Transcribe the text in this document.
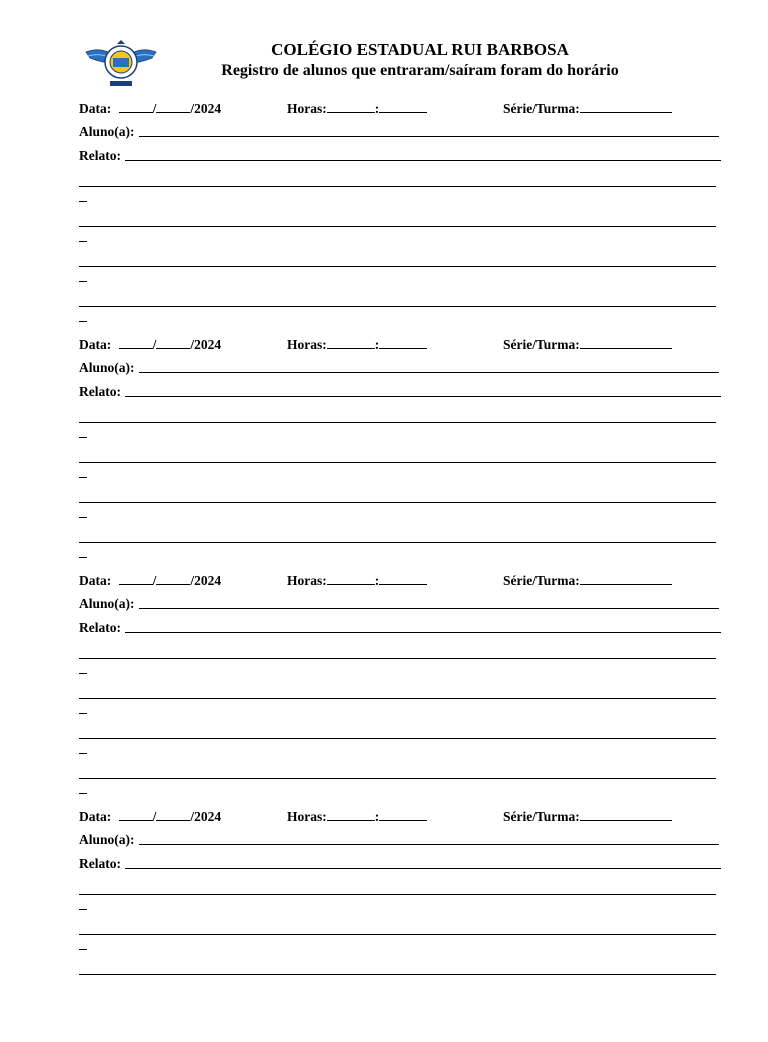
COLÉGIO ESTADUAL RUI BARBOSA
Registro de alunos que entraram/saíram foram do horário
Data:	/	/2024	Horas:	:	Série/Turma:
Aluno(a):
Relato:
Data:	/	/2024	Horas:	:	Série/Turma:
Aluno(a):
Relato:
Data:	/	/2024	Horas:	:	Série/Turma:
Aluno(a):
Relato:
Data:	/	/2024	Horas:	:	Série/Turma:
Aluno(a):
Relato:
